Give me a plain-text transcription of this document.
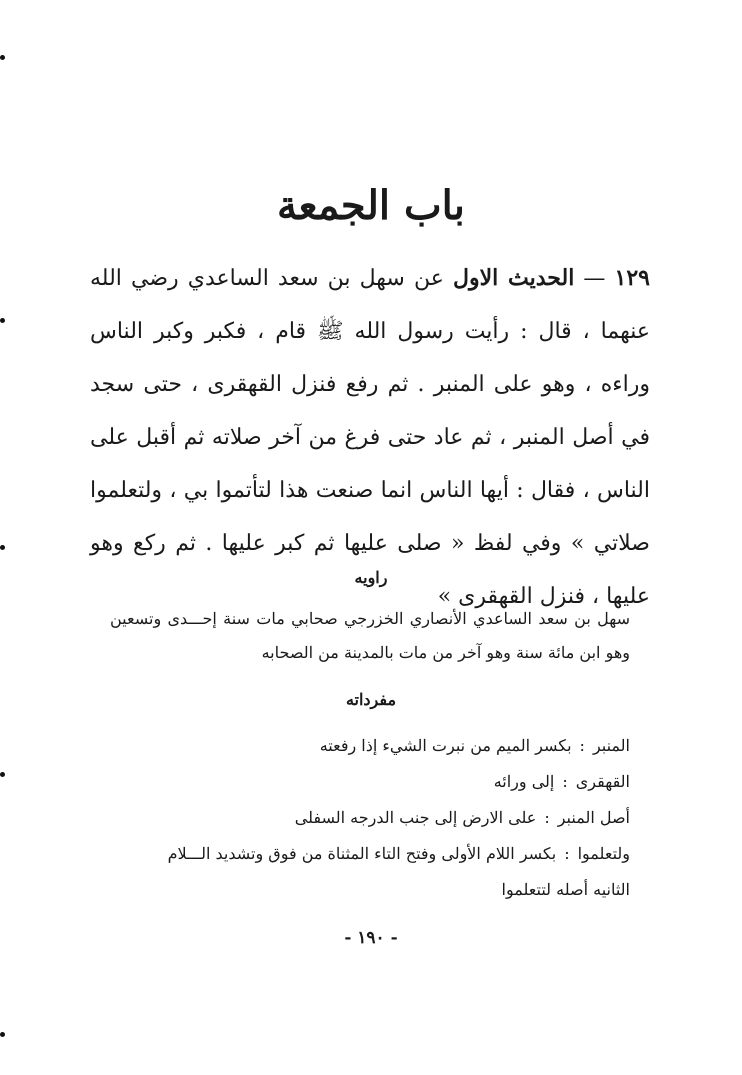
باب الجمعة
١٢٩ — الحديث الاول عن سهل بن سعد الساعدي رضي الله عنهما ، قال : رأيت رسول الله ﷺ قام ، فكبر وكبر الناس وراءه ، وهو على المنبر . ثم رفع فنزل القهقرى ، حتى سجد في أصل المنبر ، ثم عاد حتى فرغ من آخر صلاته ثم أقبل على الناس ، فقال : أيها الناس انما صنعت هذا لتأتموا بي ، ولتعلموا صلاتي » وفي لفظ « صلى عليها ثم كبر عليها . ثم ركع وهو عليها ، فنزل القهقرى »
راويه
سهل بن سعد الساعدي الأنصاري الخزرجي صحابي مات سنة إحـــدى وتسعين وهو ابن مائة سنة وهو آخر من مات بالمدينة من الصحابه
مفرداته
المنبر:بكسر الميم من نبرت الشيء إذا رفعته
القهقرى:إلى ورائه
أصل المنبر:على الارض إلى جنب الدرجه السفلى
ولتعلموا:بكسر اللام الأولى وفتح التاء المثناة من فوق وتشديد الـــلام
الثانيه أصله لتتعلموا
- ١٩٠ -
